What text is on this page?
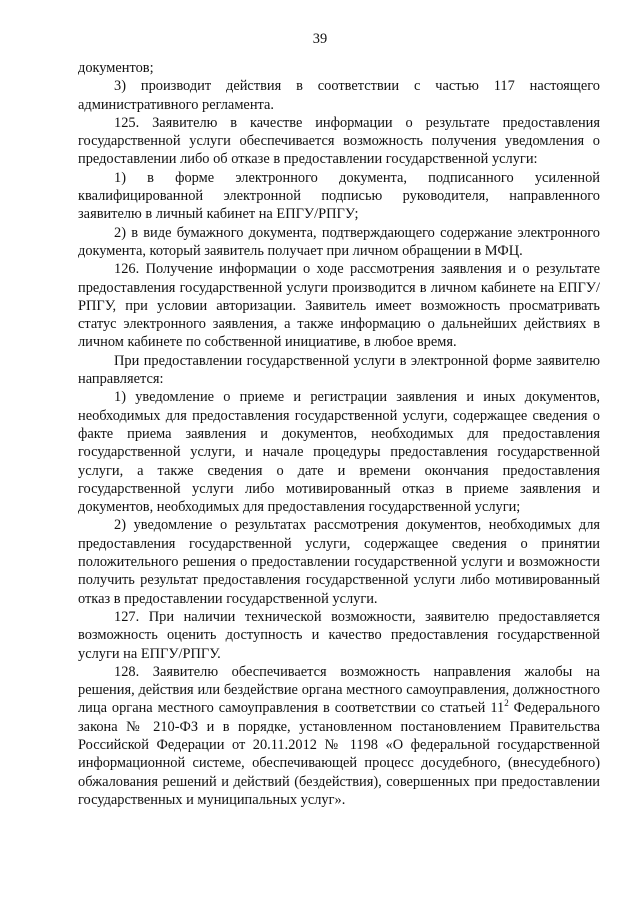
39

документов;

3) производит действия в соответствии с частью 117 настоящего административного регламента.

125. Заявителю в качестве информации о результате предоставления государственной услуги обеспечивается возможность получения уведомления о предоставлении либо об отказе в предоставлении государственной услуги:

1) в форме электронного документа, подписанного усиленной квалифицированной электронной подписью руководителя, направленного заявителю в личный кабинет на ЕПГУ/РПГУ;

2) в виде бумажного документа, подтверждающего содержание электронного документа, который заявитель получает при личном обращении в МФЦ.

126. Получение информации о ходе рассмотрения заявления и о результате предоставления государственной услуги производится в личном кабинете на ЕПГУ/РПГУ, при условии авторизации. Заявитель имеет возможность просматривать статус электронного заявления, а также информацию о дальнейших действиях в личном кабинете по собственной инициативе, в любое время.

При предоставлении государственной услуги в электронной форме заявителю направляется:

1) уведомление о приеме и регистрации заявления и иных документов, необходимых для предоставления государственной услуги, содержащее сведения о факте приема заявления и документов, необходимых для предоставления государственной услуги, и начале процедуры предоставления государственной услуги, а также сведения о дате и времени окончания предоставления государственной услуги либо мотивированный отказ в приеме заявления и документов, необходимых для предоставления государственной услуги;

2) уведомление о результатах рассмотрения документов, необходимых для предоставления государственной услуги, содержащее сведения о принятии положительного решения о предоставлении государственной услуги и возможности получить результат предоставления государственной услуги либо мотивированный отказ в предоставлении государственной услуги.

127. При наличии технической возможности, заявителю предоставляется возможность оценить доступность и качество предоставления государственной услуги на ЕПГУ/РПГУ.

128. Заявителю обеспечивается возможность направления жалобы на решения, действия или бездействие органа местного самоуправления, должностного лица органа местного самоуправления в соответствии со статьей $11^2$ Федерального закона № 210-ФЗ и в порядке, установленном постановлением Правительства Российской Федерации от 20.11.2012 № 1198 «О федеральной государственной информационной системе, обеспечивающей процесс досудебного, (внесудебного) обжалования решений и действий (бездействия), совершенных при предоставлении государственных и муниципальных услуг».
